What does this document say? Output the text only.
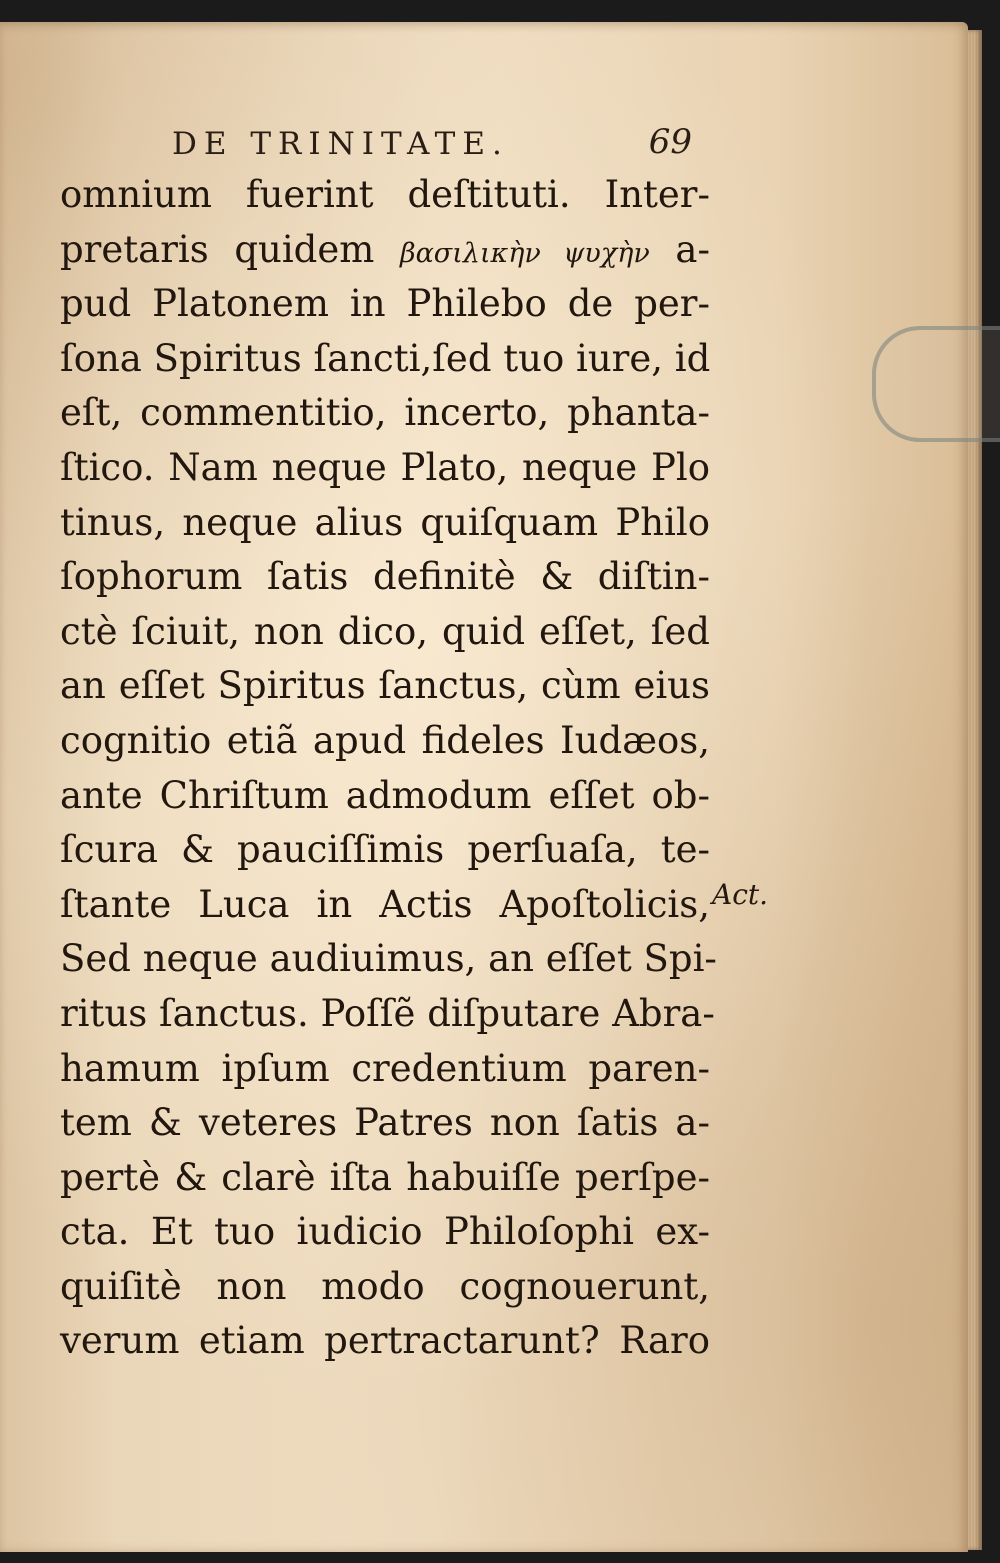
DE TRINITATE.	69
omnium fuerint deſtituti. Inter-
pretaris quidem βασιλικὴν ψυχὴν a-
pud Platonem in Philebo de per-
ſona Spiritus ſancti,ſed tuo iure, id
eſt, commentitio, incerto, phanta-
ſtico. Nam neque Plato, neque Plo
tinus, neque alius quiſquam Philo
ſophorum ſatis definitè & diſtin-
ctè ſciuit, non dico, quid eſſet, ſed
an eſſet Spiritus ſanctus, cùm eius
cognitio etiã apud fideles Iudæos,
ante Chriſtum admodum eſſet ob-
ſcura & pauciſſimis perſuaſa, te-
ſtante Luca in Actis Apoſtolicis,
Sed neque audiuimus, an eſſet Spi-
ritus ſanctus. Poſſẽ diſputare Abra-
hamum ipſum credentium paren-
tem & veteres Patres non ſatis a-
pertè & clarè iſta habuiſſe perſpe-
cta. Et tuo iudicio Philoſophi ex-
quiſitè non modo cognouerunt,
verum etiam pertractarunt? Raro
Act.
